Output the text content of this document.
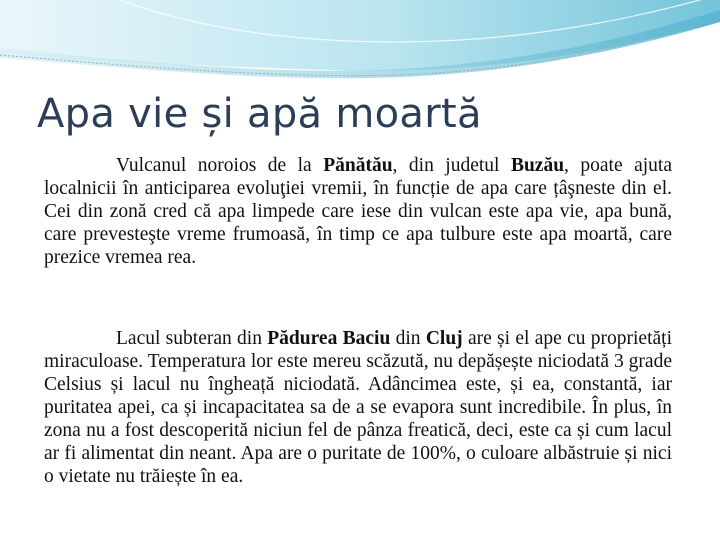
Apa vie și apă moartă

Vulcanul noroios de la Pănătău, din judetul Buzău, poate ajuta localnicii în anticiparea evoluţiei vremii, în funcție de apa care țâşneste din el. Cei din zonă cred că apa limpede care iese din vulcan este apa vie, apa bună, care prevesteşte vreme frumoasă, în timp ce apa tulbure este apa moartă, care prezice vremea rea.

Lacul subteran din Pădurea Baciu din Cluj are și el ape cu proprietăți miraculoase. Temperatura lor este mereu scăzută, nu depășește niciodată 3 grade Celsius și lacul nu îngheață niciodată. Adâncimea este, și ea, constantă, iar puritatea apei, ca și incapacitatea sa de a se evapora sunt incredibile. În plus, în zona nu a fost descoperită niciun fel de pânza freatică, deci, este ca și cum lacul ar fi alimentat din neant. Apa are o puritate de 100%, o culoare albăstruie și nici o vietate nu trăiește în ea.
